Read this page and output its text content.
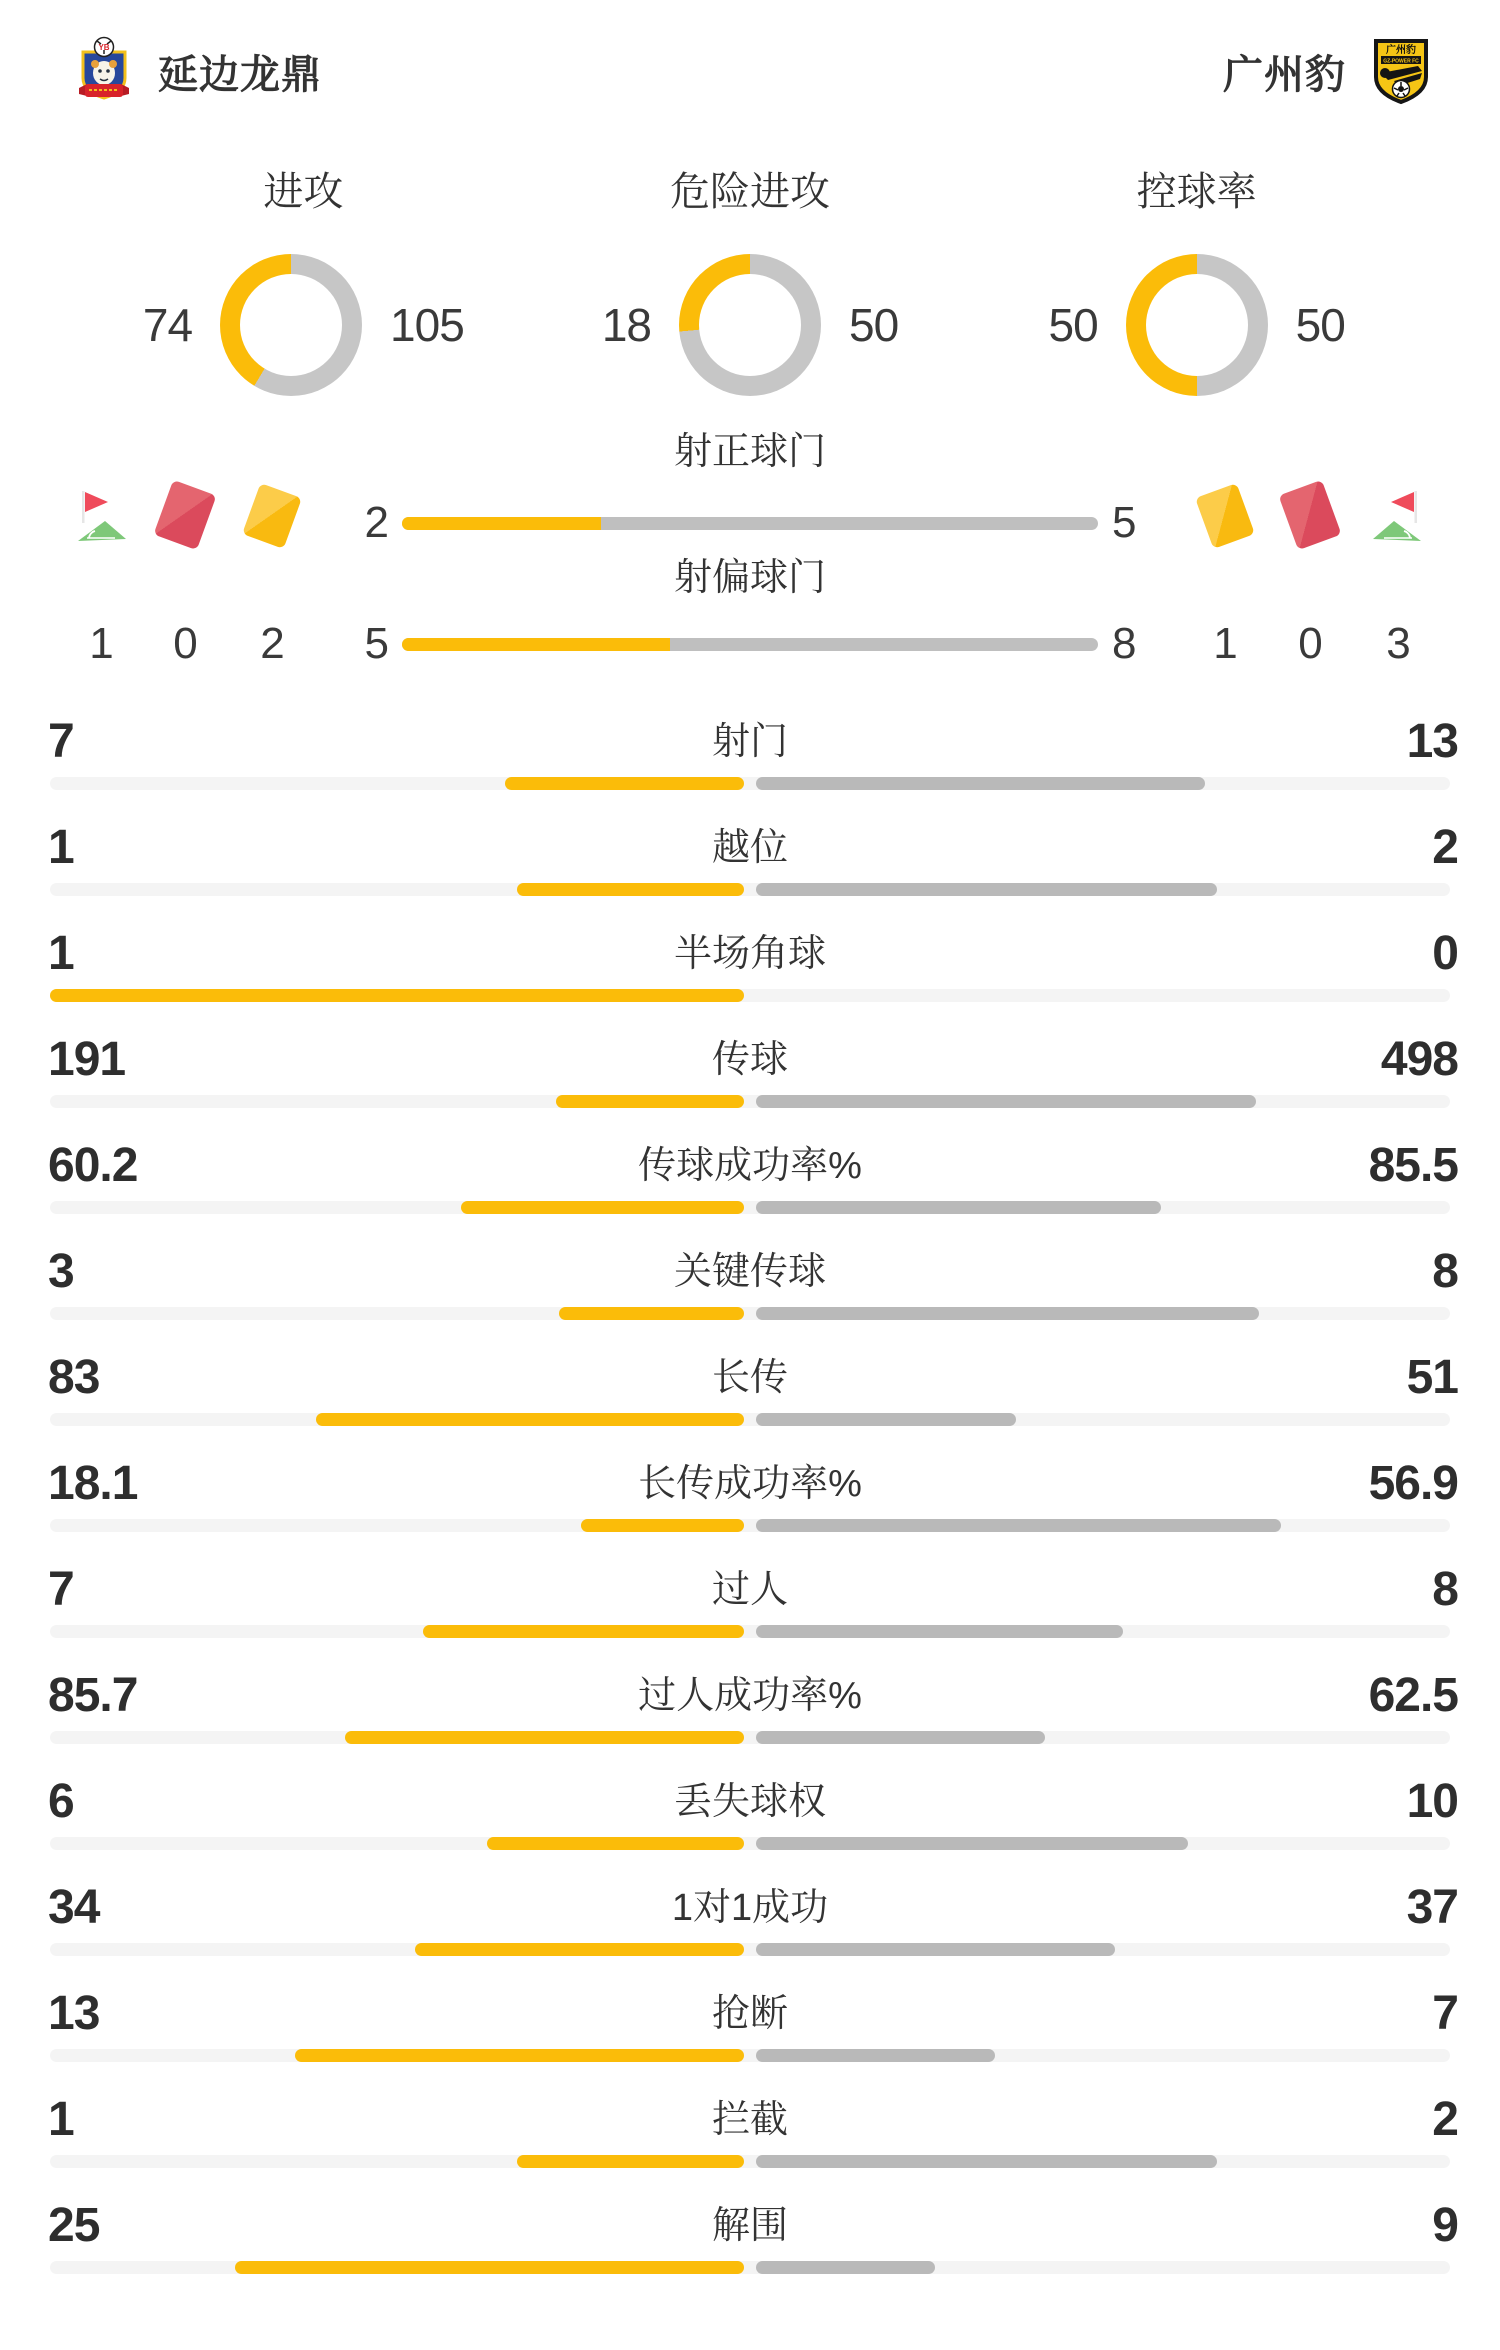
YB
延边龙鼎	广州豹
广州豹
GZ-POWER FC
进攻
74	105
危险进攻
18	50
控球率
50	50
射正球门
2	5
射偏球门
5	8
1	0	2	1	0	3
7	射门	13
1	越位	2
1	半场角球	0
191	传球	498
60.2	传球成功率%	85.5
3	关键传球	8
83	长传	51
18.1	长传成功率%	56.9
7	过人	8
85.7	过人成功率%	62.5
6	丢失球权	10
34	1对1成功	37
13	抢断	7
1	拦截	2
25	解围	9
